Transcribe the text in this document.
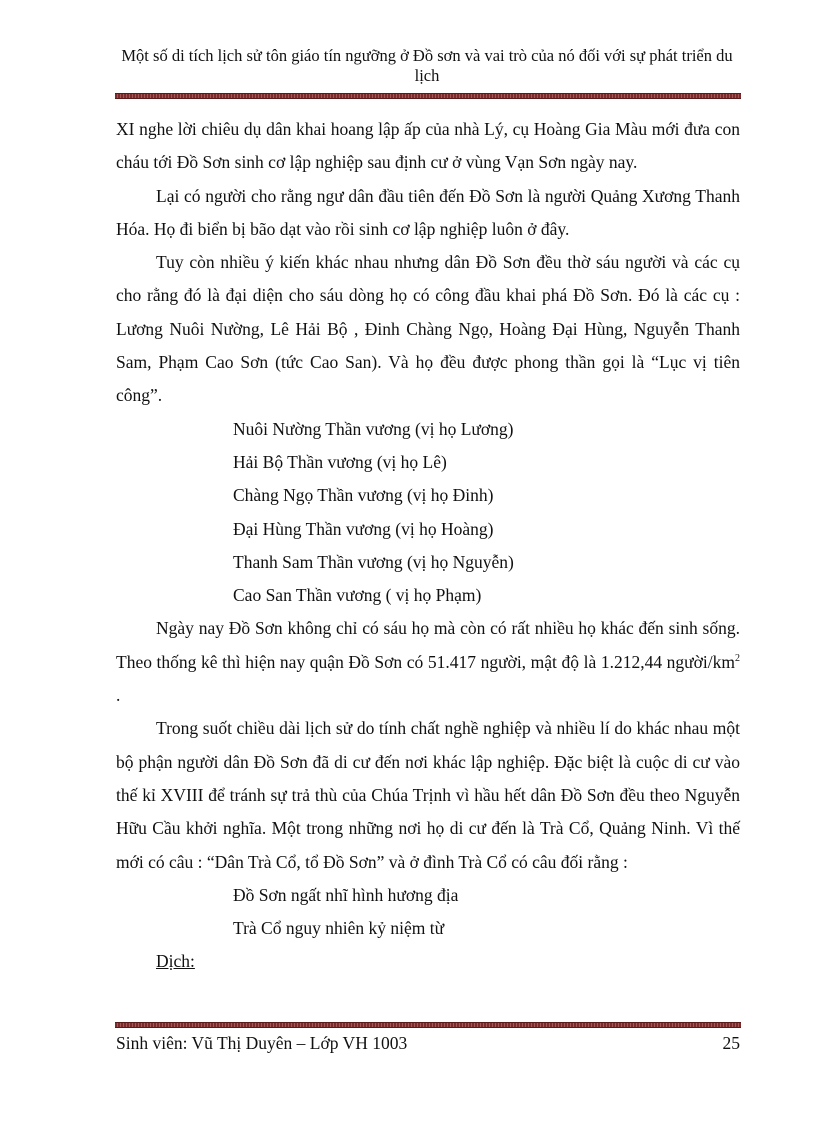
Một số di tích lịch sử tôn giáo tín ngưỡng ở Đồ sơn và vai trò của nó đối với sự phát triển du lịch

XI nghe lời chiêu dụ dân khai hoang lập ấp của nhà Lý, cụ Hoàng Gia Màu mới đưa con cháu tới Đồ Sơn sinh cơ lập nghiệp sau định cư ở vùng Vạn Sơn ngày nay.

Lại có người cho rằng ngư dân đầu tiên đến Đồ Sơn là người Quảng Xương Thanh Hóa. Họ đi biển bị bão dạt vào rồi sinh cơ lập nghiệp luôn ở đây.

Tuy còn nhiều ý kiến khác nhau nhưng dân Đồ Sơn đều thờ sáu người và các cụ cho rằng đó là đại diện cho sáu dòng họ có công đầu khai phá Đồ Sơn. Đó là các cụ : Lương Nuôi Nường, Lê Hải Bộ , Đinh Chàng Ngọ, Hoàng Đại Hùng, Nguyễn Thanh Sam, Phạm Cao Sơn (tức Cao San). Và họ đều được phong thần gọi là “Lục vị tiên công”.

Nuôi Nường Thần vương (vị họ Lương)
Hải Bộ Thần vương (vị họ Lê)
Chàng Ngọ Thần vương (vị họ Đinh)
Đại Hùng Thần vương (vị họ Hoàng)
Thanh Sam Thần vương (vị họ Nguyễn)
Cao San Thần vương ( vị họ Phạm)

Ngày nay Đồ Sơn không chỉ có sáu họ mà còn có rất nhiều họ khác đến sinh sống. Theo thống kê thì hiện nay quận Đồ Sơn có 51.417 người, mật độ là 1.212,44 người/$km^2$ .

Trong suốt chiều dài lịch sử do tính chất nghề nghiệp và nhiều lí do khác nhau một bộ phận người dân Đồ Sơn đã di cư đến nơi khác lập nghiệp. Đặc biệt là cuộc di cư vào thế kỉ XVIII để tránh sự trả thù của Chúa Trịnh vì hầu hết dân Đồ Sơn đều theo Nguyễn Hữu Cầu khởi nghĩa. Một trong những nơi họ di cư đến là Trà Cổ, Quảng Ninh. Vì thế mới có câu : “Dân Trà Cổ, tổ Đồ Sơn” và ở đình Trà Cổ có câu đối rằng :

Đồ Sơn ngất nhĩ hình hương địa
Trà Cổ nguy nhiên kỷ niệm từ
Dịch:
Sinh viên: Vũ Thị Duyên – Lớp VH 1003	25
